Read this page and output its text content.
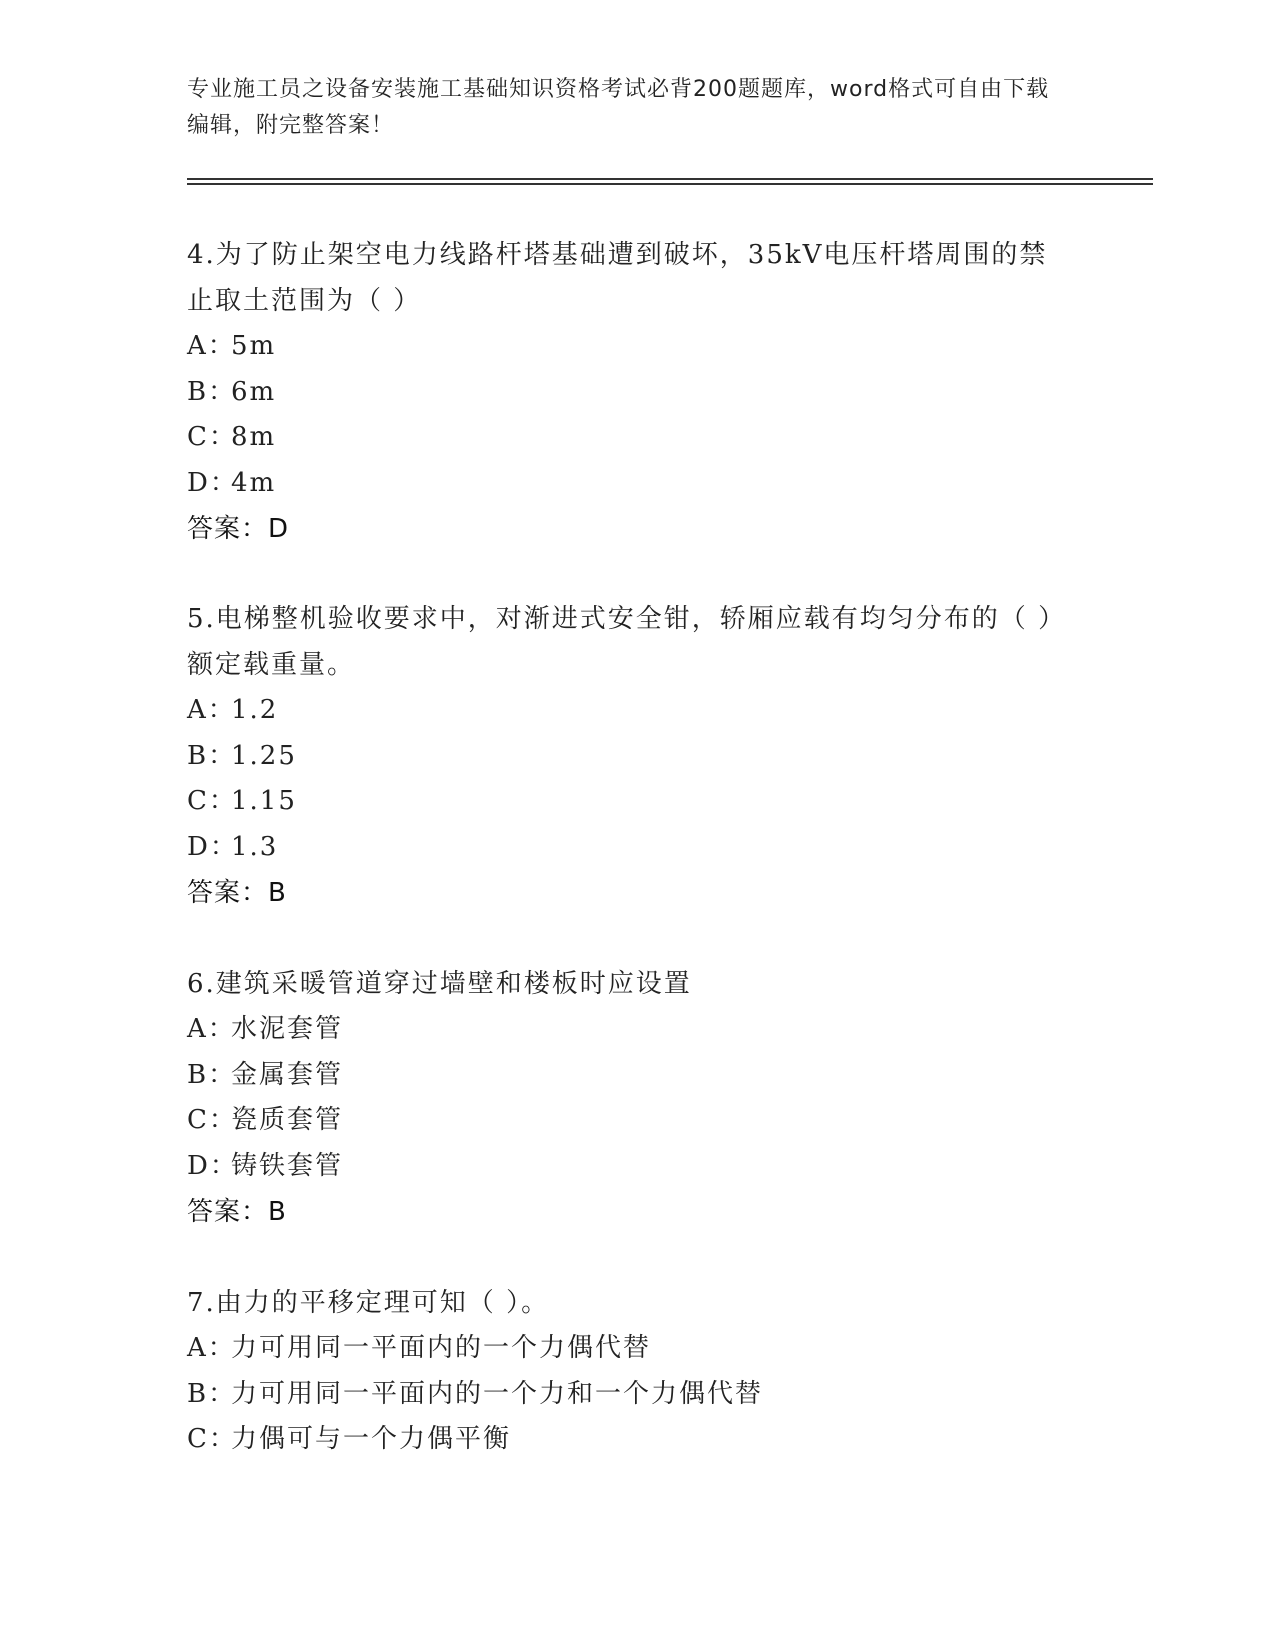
专业施工员之设备安装施工基础知识资格考试必背200题题库，word格式可自由下载编辑，附完整答案！
4.为了防止架空电力线路杆塔基础遭到破坏，35kV电压杆塔周围的禁止取土范围为（ ）
A：5m
B：6m
C：8m
D：4m
答案：D
5.电梯整机验收要求中，对渐进式安全钳，轿厢应载有均匀分布的（ ）额定载重量。
A：1.2
B：1.25
C：1.15
D：1.3
答案：B
6.建筑采暖管道穿过墙壁和楼板时应设置
A：水泥套管
B：金属套管
C：瓷质套管
D：铸铁套管
答案：B
7.由力的平移定理可知（ ）。
A：力可用同一平面内的一个力偶代替
B：力可用同一平面内的一个力和一个力偶代替
C：力偶可与一个力偶平衡
